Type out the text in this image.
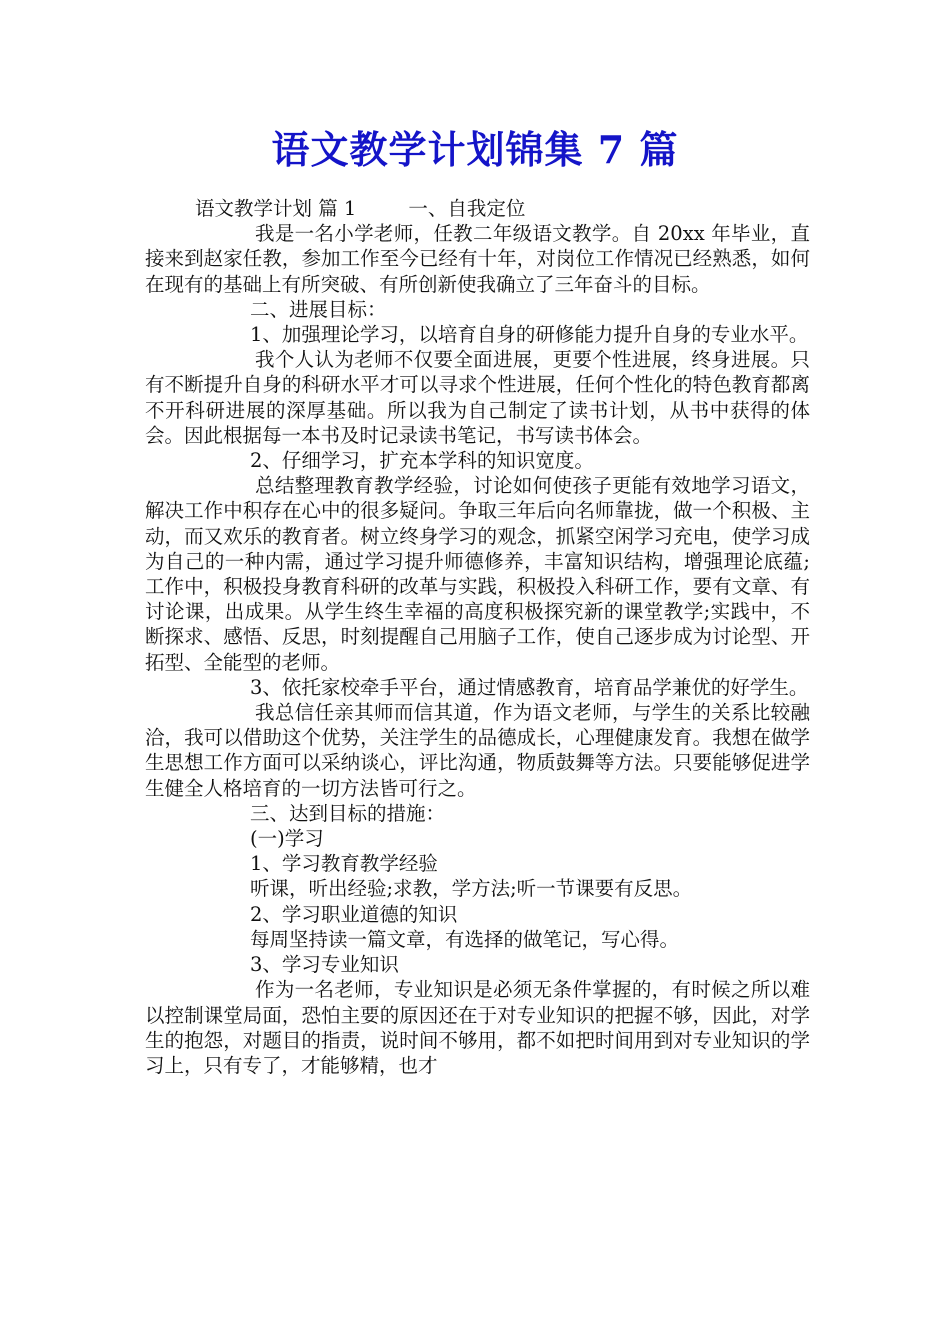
语文教学计划锦集 7 篇

语文教学计划 篇 1	一、自我定位

我是一名小学老师，任教二年级语文教学。自 20xx 年毕业，直接来到赵家任教，参加工作至今已经有十年，对岗位工作情况已经熟悉，如何在现有的基础上有所突破、有所创新使我确立了三年奋斗的目标。

二、进展目标：

1、加强理论学习，以培育自身的研修能力提升自身的专业水平。

我个人认为老师不仅要全面进展，更要个性进展，终身进展。只有不断提升自身的科研水平才可以寻求个性进展，任何个性化的特色教育都离不开科研进展的深厚基础。所以我为自己制定了读书计划，从书中获得的体会。因此根据每一本书及时记录读书笔记，书写读书体会。

2、仔细学习，扩充本学科的知识宽度。

总结整理教育教学经验，讨论如何使孩子更能有效地学习语文，解决工作中积存在心中的很多疑问。争取三年后向名师靠拢，做一个积极、主动，而又欢乐的教育者。树立终身学习的观念，抓紧空闲学习充电，使学习成为自己的一种内需，通过学习提升师德修养，丰富知识结构，增强理论底蕴;工作中，积极投身教育科研的改革与实践，积极投入科研工作，要有文章、有讨论课，出成果。从学生终生幸福的高度积极探究新的课堂教学;实践中，不断探求、感悟、反思，时刻提醒自己用脑子工作，使自己逐步成为讨论型、开拓型、全能型的老师。

3、依托家校牵手平台，通过情感教育，培育品学兼优的好学生。

我总信任亲其师而信其道，作为语文老师，与学生的关系比较融洽，我可以借助这个优势，关注学生的品德成长，心理健康发育。我想在做学生思想工作方面可以采纳谈心，评比沟通，物质鼓舞等方法。只要能够促进学生健全人格培育的一切方法皆可行之。

三、达到目标的措施：

(一)学习

1、学习教育教学经验

听课，听出经验;求教，学方法;听一节课要有反思。

2、学习职业道德的知识

每周坚持读一篇文章，有选择的做笔记，写心得。

3、学习专业知识

作为一名老师，专业知识是必须无条件掌握的，有时候之所以难以控制课堂局面，恐怕主要的原因还在于对专业知识的把握不够，因此，对学生的抱怨，对题目的指责，说时间不够用，都不如把时间用到对专业知识的学习上，只有专了，才能够精，也才
